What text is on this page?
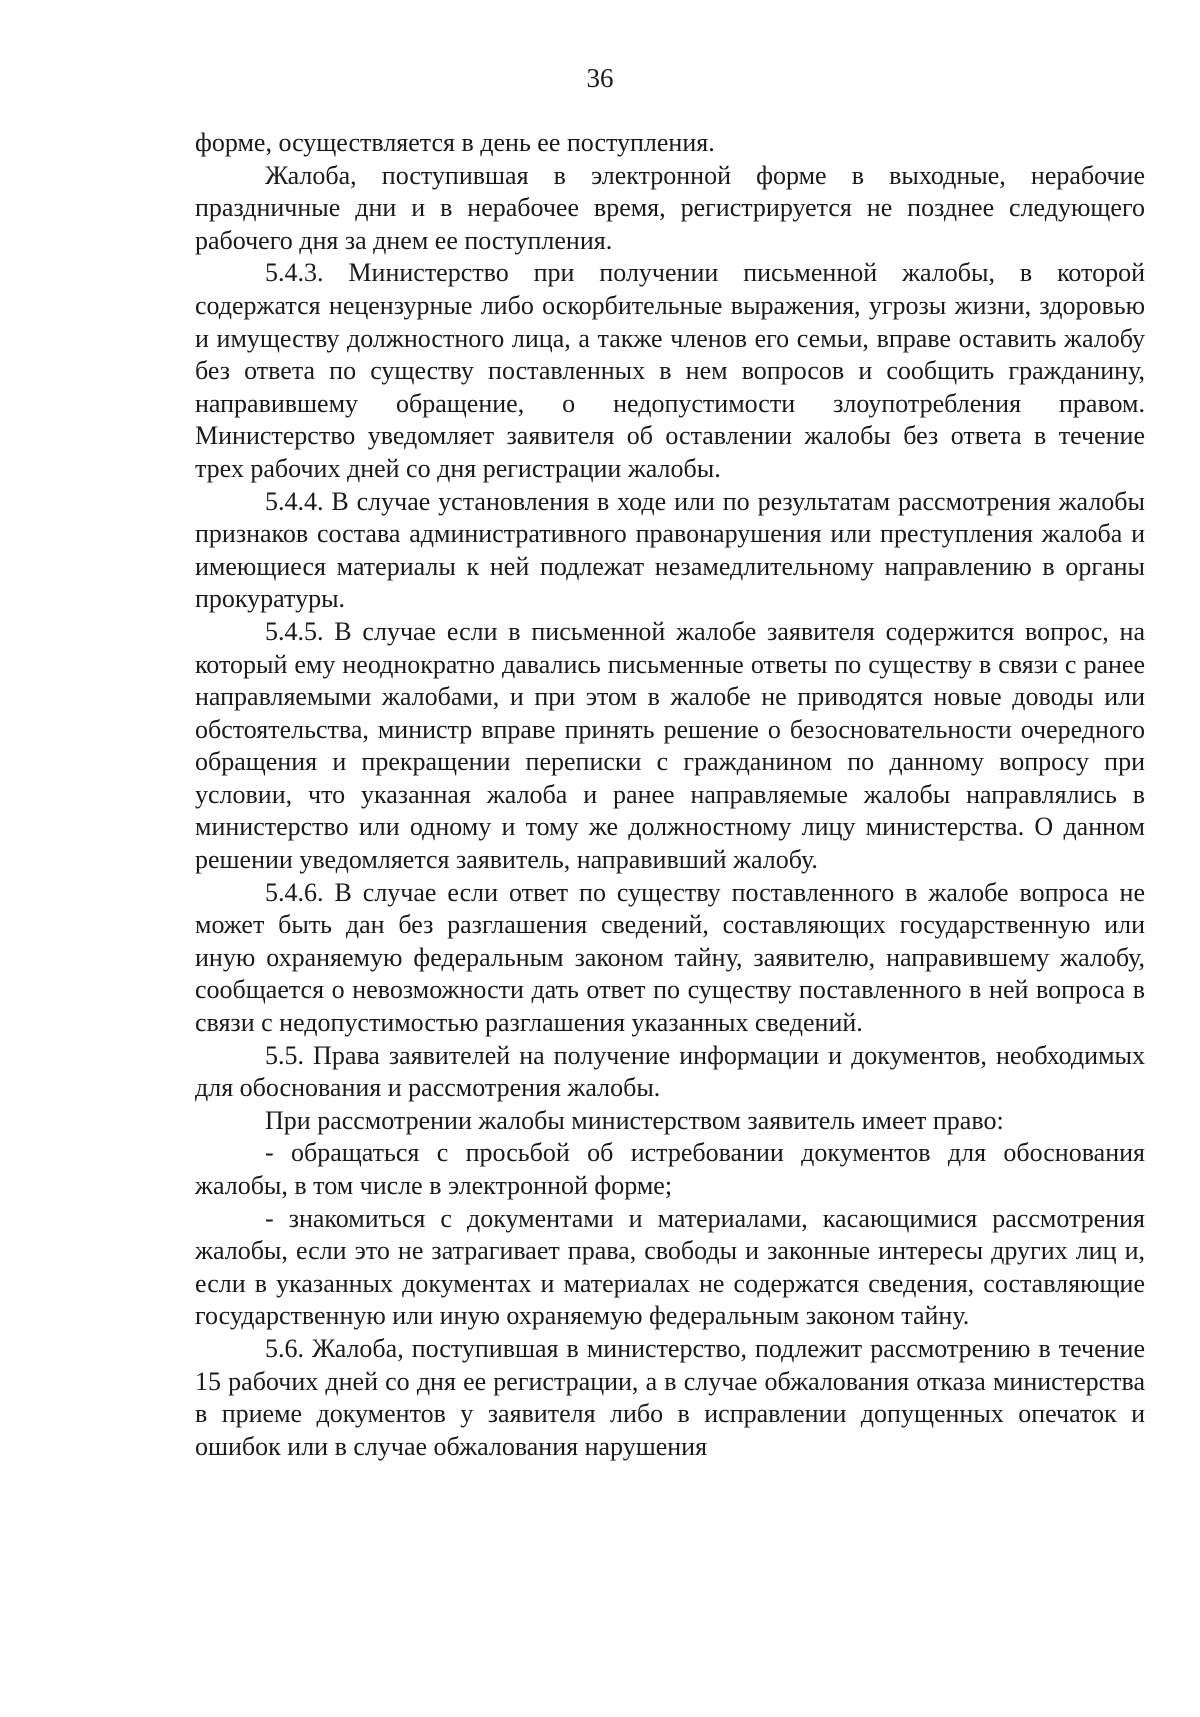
36

форме, осуществляется в день ее поступления.

Жалоба, поступившая в электронной форме в выходные, нерабочие праздничные дни и в нерабочее время, регистрируется не позднее следующего рабочего дня за днем ее поступления.

5.4.3. Министерство при получении письменной жалобы, в которой содержатся нецензурные либо оскорбительные выражения, угрозы жизни, здоровью и имуществу должностного лица, а также членов его семьи, вправе оставить жалобу без ответа по существу поставленных в нем вопросов и сообщить гражданину, направившему обращение, о недопустимости злоупотребления правом. Министерство уведомляет заявителя об оставлении жалобы без ответа в течение трех рабочих дней со дня регистрации жалобы.

5.4.4. В случае установления в ходе или по результатам рассмотрения жалобы признаков состава административного правонарушения или преступления жалоба и имеющиеся материалы к ней подлежат незамедлительному направлению в органы прокуратуры.

5.4.5. В случае если в письменной жалобе заявителя содержится вопрос, на который ему неоднократно давались письменные ответы по существу в связи с ранее направляемыми жалобами, и при этом в жалобе не приводятся новые доводы или обстоятельства, министр вправе принять решение о безосновательности очередного обращения и прекращении переписки с гражданином по данному вопросу при условии, что указанная жалоба и ранее направляемые жалобы направлялись в министерство или одному и тому же должностному лицу министерства. О данном решении уведомляется заявитель, направивший жалобу.

5.4.6. В случае если ответ по существу поставленного в жалобе вопроса не может быть дан без разглашения сведений, составляющих государственную или иную охраняемую федеральным законом тайну, заявителю, направившему жалобу, сообщается о невозможности дать ответ по существу поставленного в ней вопроса в связи с недопустимостью разглашения указанных сведений.

5.5. Права заявителей на получение информации и документов, необходимых для обоснования и рассмотрения жалобы.

При рассмотрении жалобы министерством заявитель имеет право:

- обращаться с просьбой об истребовании документов для обоснования жалобы, в том числе в электронной форме;

- знакомиться с документами и материалами, касающимися рассмотрения жалобы, если это не затрагивает права, свободы и законные интересы других лиц и, если в указанных документах и материалах не содержатся сведения, составляющие государственную или иную охраняемую федеральным законом тайну.

5.6. Жалоба, поступившая в министерство, подлежит рассмотрению в течение 15 рабочих дней со дня ее регистрации, а в случае обжалования отказа министерства в приеме документов у заявителя либо в исправлении допущенных опечаток и ошибок или в случае обжалования нарушения
